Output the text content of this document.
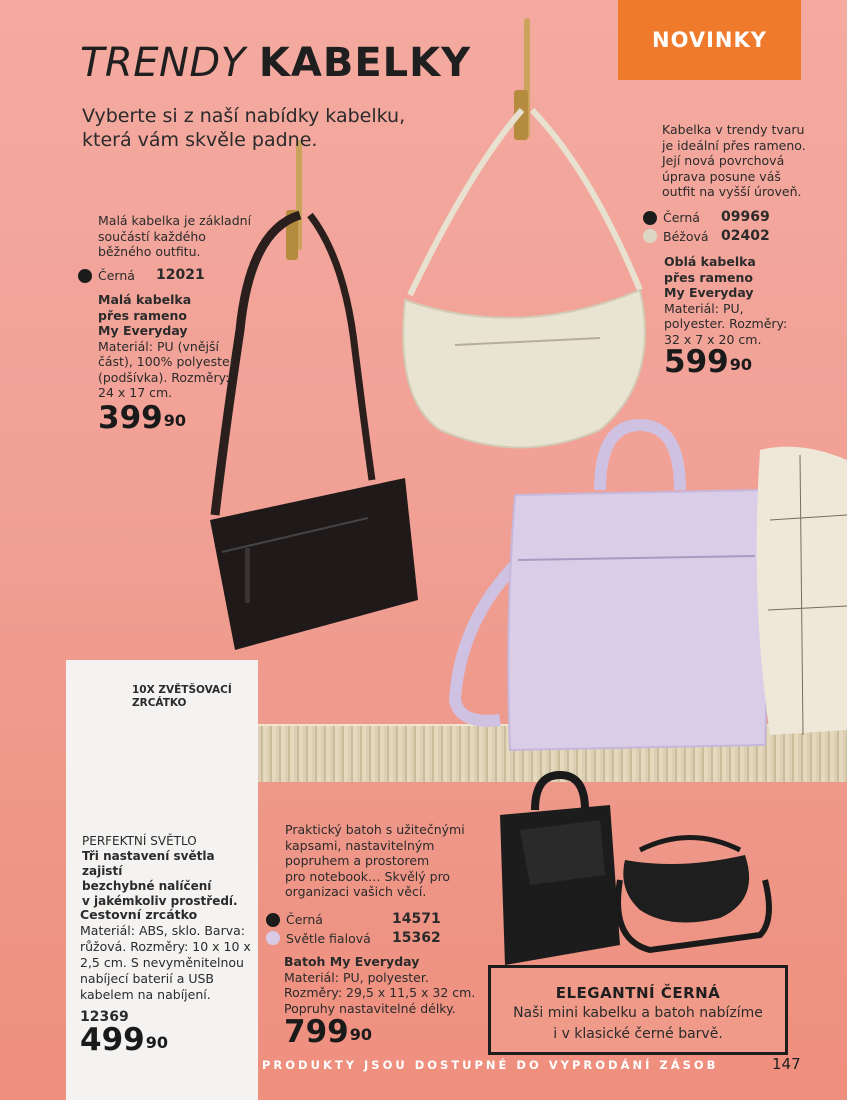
TRENDY KABELKY
Vyberte si z naší nabídky kabelku,
která vám skvěle padne.
NOVINKY
Malá kabelka je základní
součástí každého
běžného outfitu.
Černá	12021
Malá kabelka
přes rameno
My Everyday
Materiál: PU (vnější
část), 100% polyester
(podšívka). Rozměry:
24 x 17 cm.
$399^{90}$
Kabelka v trendy tvaru
je ideální přes rameno.
Její nová povrchová
úprava posune váš
outfit na vyšší úroveň.
Černá	09969
Béžová 02402
Oblá kabelka
přes rameno
My Everyday
Materiál: PU,
polyester. Rozměry:
32 x 7 x 20 cm.
$599^{90}$
10X ZVĚTŠOVACÍ
ZRCÁTKO
PERFEKTNÍ SVĚTLO
Tři nastavení světla zajistí
bezchybné nalíčení
v jakémkoliv prostředí.
Cestovní zrcátko
Materiál: ABS, sklo. Barva:
růžová. Rozměry: 10 x 10 x
2,5 cm. S nevyměnitelnou
nabíjecí baterií a USB
kabelem na nabíjení.
12369
$499^{90}$
Praktický batoh s užitečnými
kapsami, nastavitelným
popruhem a prostorem
pro notebook… Skvělý pro
organizaci vašich věcí.
Černá	14571
Světle fialová	15362
Batoh My Everyday
Materiál: PU, polyester.
Rozměry: 29,5 x 11,5 x 32 cm.
Popruhy nastavitelné délky.
$799^{90}$
ELEGANTNÍ ČERNÁ
Naši mini kabelku a batoh nabízíme
i v klasické černé barvě.
PRODUKTY JSOU DOSTUPNÉ DO VYPRODÁNÍ ZÁSOB	147
